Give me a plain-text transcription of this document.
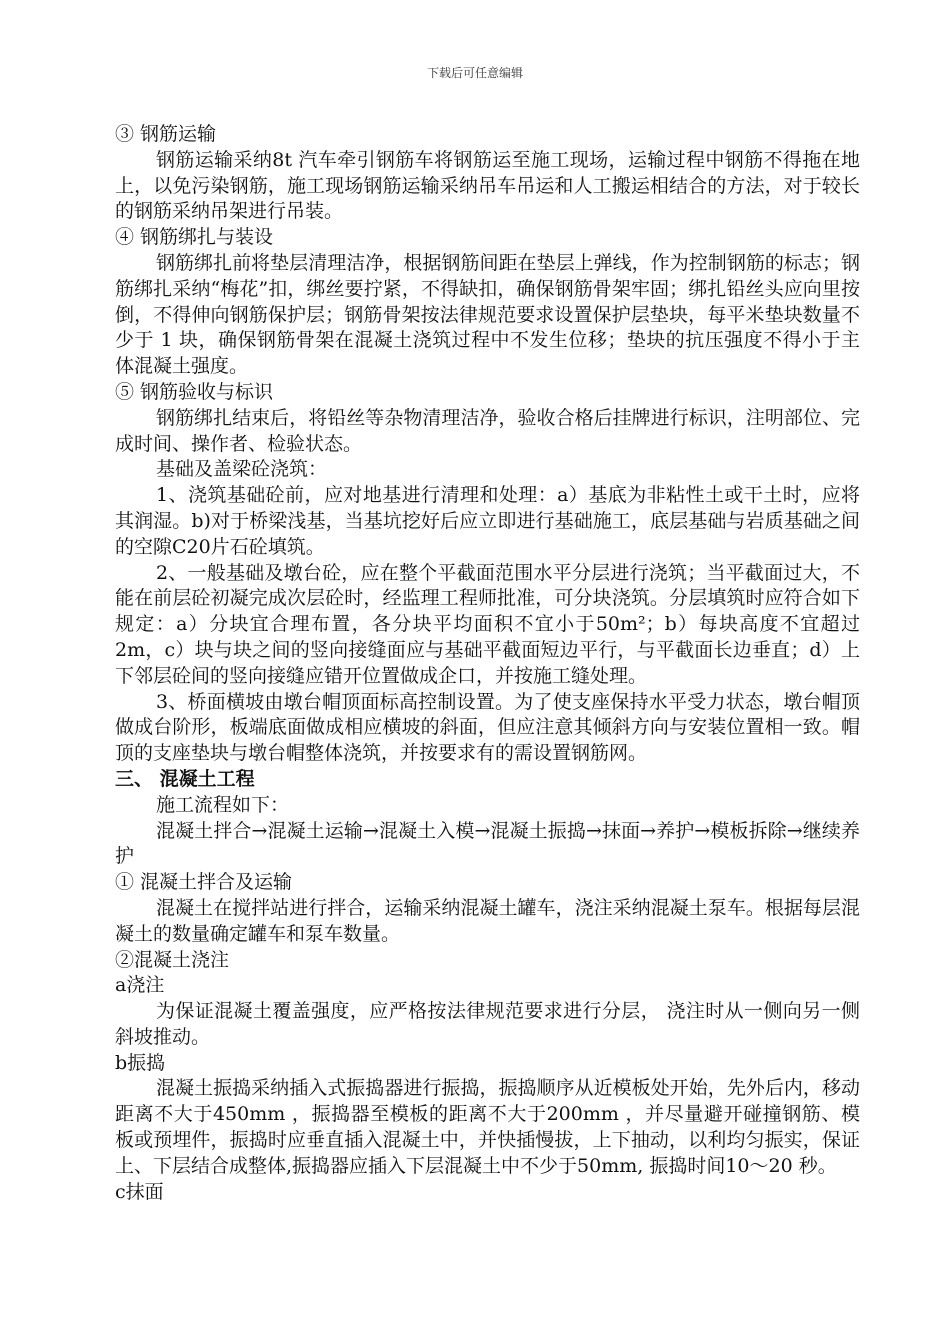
下载后可任意编辑

③ 钢筋运输

钢筋运输采纳8t 汽车牵引钢筋车将钢筋运至施工现场，运输过程中钢筋不得拖在地上，以免污染钢筋，施工现场钢筋运输采纳吊车吊运和人工搬运相结合的方法，对于较长的钢筋采纳吊架进行吊装。

④ 钢筋绑扎与装设

钢筋绑扎前将垫层清理洁净，根据钢筋间距在垫层上弹线，作为控制钢筋的标志；钢筋绑扎采纳“梅花”扣，绑丝要拧紧，不得缺扣，确保钢筋骨架牢固；绑扎铅丝头应向里按倒，不得伸向钢筋保护层；钢筋骨架按法律规范要求设置保护层垫块，每平米垫块数量不少于 1 块，确保钢筋骨架在混凝土浇筑过程中不发生位移；垫块的抗压强度不得小于主体混凝土强度。

⑤ 钢筋验收与标识

钢筋绑扎结束后，将铅丝等杂物清理洁净，验收合格后挂牌进行标识，注明部位、完成时间、操作者、检验状态。

基础及盖梁砼浇筑：

1、浇筑基础砼前，应对地基进行清理和处理：a）基底为非粘性土或干土时，应将其润湿。b)对于桥梁浅基，当基坑挖好后应立即进行基础施工，底层基础与岩质基础之间的空隙C20片石砼填筑。

2、一般基础及墩台砼，应在整个平截面范围水平分层进行浇筑；当平截面过大，不能在前层砼初凝完成次层砼时，经监理工程师批准，可分块浇筑。分层填筑时应符合如下规定：a）分块宜合理布置，各分块平均面积不宜小于50m²；b）每块高度不宜超过2m，c）块与块之间的竖向接缝面应与基础平截面短边平行，与平截面长边垂直；d）上下邻层砼间的竖向接缝应错开位置做成企口，并按施工缝处理。

3、桥面横坡由墩台帽顶面标高控制设置。为了使支座保持水平受力状态，墩台帽顶做成台阶形，板端底面做成相应横坡的斜面，但应注意其倾斜方向与安装位置相一致。帽顶的支座垫块与墩台帽整体浇筑，并按要求有的需设置钢筋网。

三、 混凝土工程

施工流程如下：

混凝土拌合→混凝土运输→混凝土入模→混凝土振捣→抹面→养护→模板拆除→继续养护

① 混凝土拌合及运输

混凝土在搅拌站进行拌合，运输采纳混凝土罐车，浇注采纳混凝土泵车。根据每层混凝土的数量确定罐车和泵车数量。

②混凝土浇注

a浇注

为保证混凝土覆盖强度，应严格按法律规范要求进行分层， 浇注时从一侧向另一侧斜坡推动。

b振捣

混凝土振捣采纳插入式振捣器进行振捣，振捣顺序从近模板处开始，先外后内，移动距离不大于450mm ，振捣器至模板的距离不大于200mm ，并尽量避开碰撞钢筋、模板或预埋件，振捣时应垂直插入混凝土中，并快插慢拔，上下抽动，以利均匀振实，保证上、下层结合成整体,振捣器应插入下层混凝土中不少于50mm, 振捣时间10～20 秒。

c抹面
